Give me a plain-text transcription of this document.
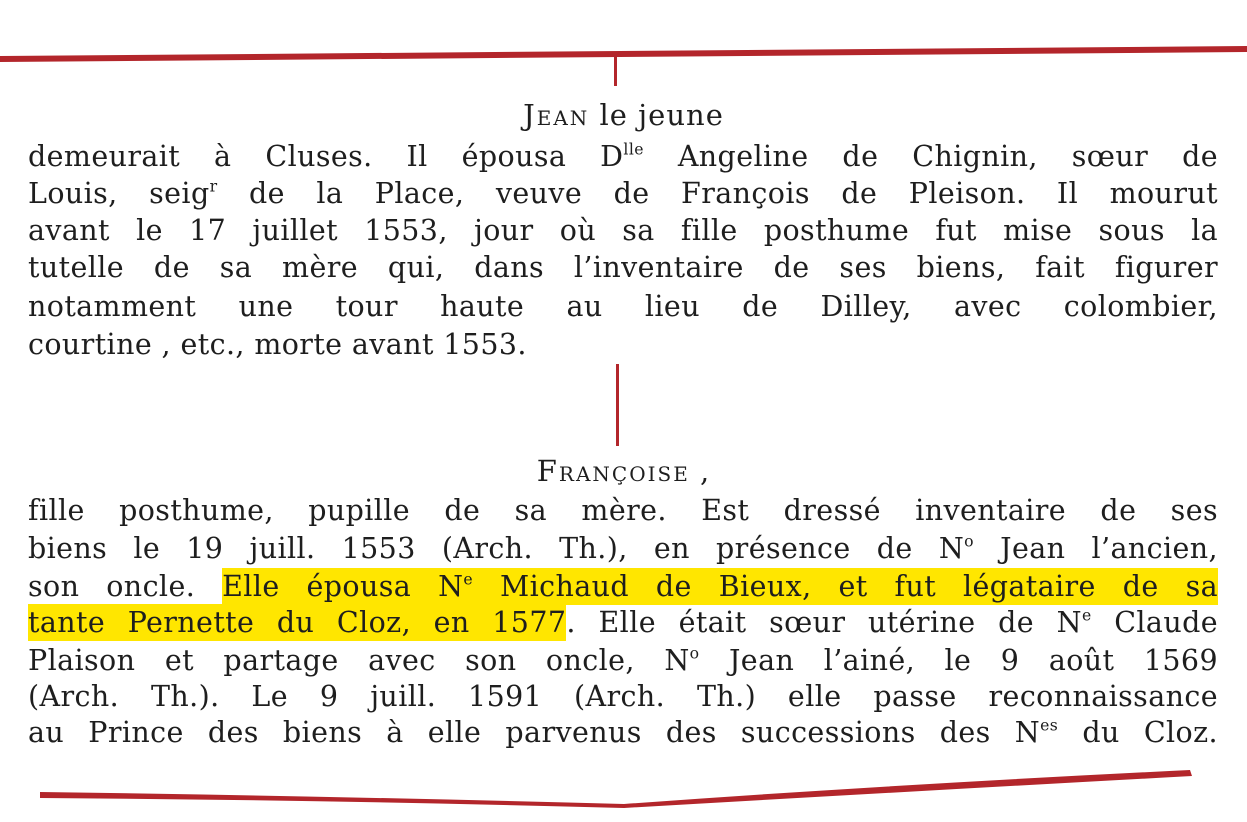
Jean le jeune
demeurait à Cluses. Il épousa $D^{lle}$ Angeline de Chignin, sœur de
Louis, seig$^r$ de la Place, veuve de François de Pleison. Il mourut
avant le 17 juillet 1553, jour où sa fille posthume fut mise sous la
tutelle de sa mère qui, dans l’inventaire de ses biens, fait figurer
notamment une tour haute au lieu de Dilley, avec colombier,
courtine , etc., morte avant 1553.
Françoise ,
fille posthume, pupille de sa mère. Est dressé inventaire de ses
biens le 19 juill. 1553 (Arch. Th.), en présence de $N^o$ Jean l’ancien,
son oncle. Elle épousa $N^e$ Michaud de Bieux, et fut légataire de sa
tante Pernette du Cloz, en 1577. Elle était sœur utérine de $N^e$ Claude
Plaison et partage avec son oncle, $N^o$ Jean l’ainé, le 9 août 1569
(Arch. Th.). Le 9 juill. 1591 (Arch. Th.) elle passe reconnaissance
au Prince des biens à elle parvenus des successions des $N^{es}$ du Cloz.
